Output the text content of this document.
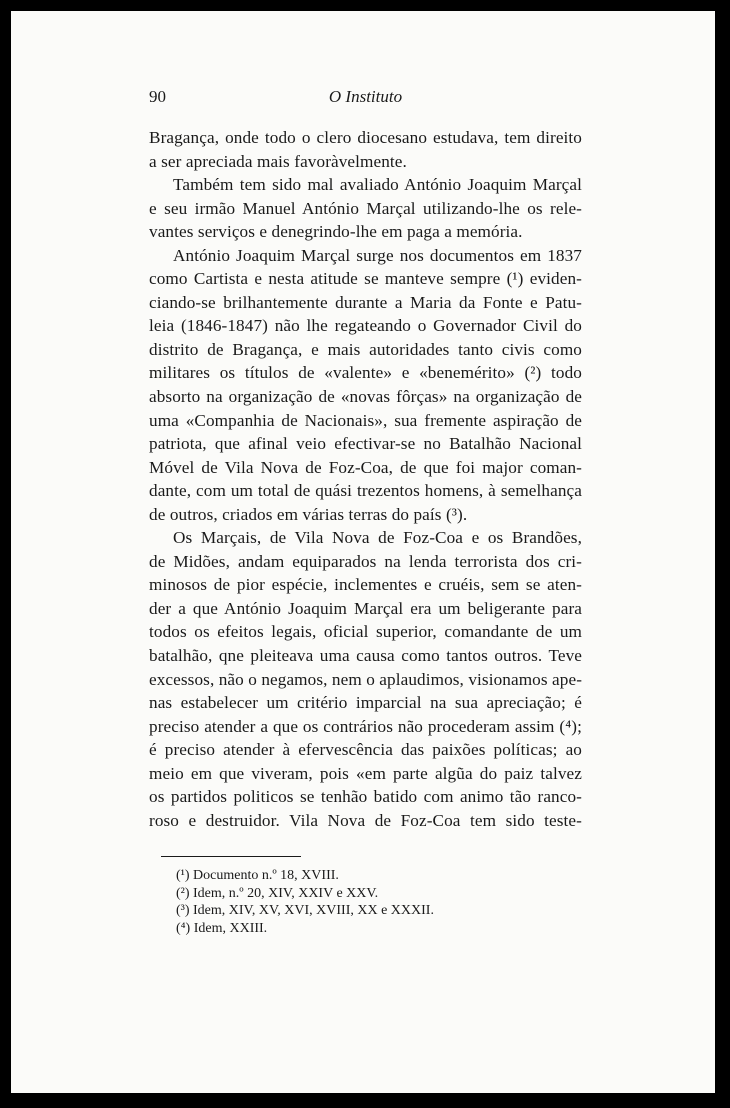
90	O Instituto
Bragança, onde todo o clero diocesano estudava, tem direito
a ser apreciada mais favoràvelmente.
Também tem sido mal avaliado António Joaquim Marçal
e seu irmão Manuel António Marçal utilizando-lhe os rele-
vantes serviços e denegrindo-lhe em paga a memória.
António Joaquim Marçal surge nos documentos em 1837
como Cartista e nesta atitude se manteve sempre (¹) eviden-
ciando-se brilhantemente durante a Maria da Fonte e Patu-
leia (1846-1847) não lhe regateando o Governador Civil do
distrito de Bragança, e mais autoridades tanto civis como
militares os títulos de «valente» e «benemérito» (²) todo
absorto na organização de «novas fôrças» na organização de
uma «Companhia de Nacionais», sua fremente aspiração de
patriota, que afinal veio efectivar-se no Batalhão Nacional
Móvel de Vila Nova de Foz-Coa, de que foi major coman-
dante, com um total de quási trezentos homens, à semelhança
de outros, criados em várias terras do país (³).
Os Marçais, de Vila Nova de Foz-Coa e os Brandões,
de Midões, andam equiparados na lenda terrorista dos cri-
minosos de pior espécie, inclementes e cruéis, sem se aten-
der a que António Joaquim Marçal era um beligerante para
todos os efeitos legais, oficial superior, comandante de um
batalhão, qne pleiteava uma causa como tantos outros. Teve
excessos, não o negamos, nem o aplaudimos, visionamos ape-
nas estabelecer um critério imparcial na sua apreciação; é
preciso atender a que os contrários não procederam assim (⁴);
é preciso atender à efervescência das paixões políticas; ao
meio em que viveram, pois «em parte algũa do paiz talvez
os partidos politicos se tenhão batido com animo tão ranco-
roso e destruidor. Vila Nova de Foz-Coa tem sido teste-
(¹) Documento n.º 18, XVIII.
(²) Idem, n.º 20, XIV, XXIV e XXV.
(³) Idem, XIV, XV, XVI, XVIII, XX e XXXII.
(⁴) Idem, XXIII.
